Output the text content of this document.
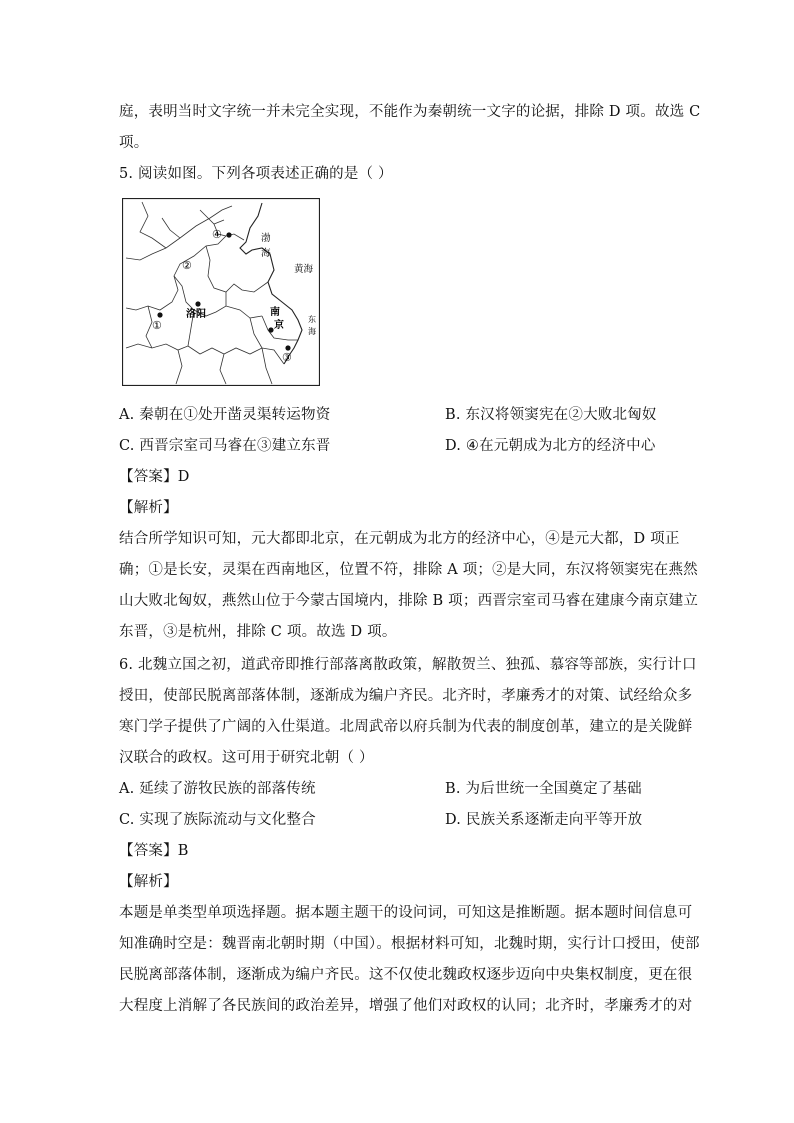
庭，表明当时文字统一并未完全实现，不能作为秦朝统一文字的论据，排除 D 项。故选 C
项。
5. 阅读如图。下列各项表述正确的是（ ）
④
②
①
③
渤
海
黄海
洛阳	南
京
东
海
A. 秦朝在①处开凿灵渠转运物资	B. 东汉将领窦宪在②大败北匈奴
C. 西晋宗室司马睿在③建立东晋	D. ④在元朝成为北方的经济中心
【答案】D
【解析】
结合所学知识可知，元大都即北京，在元朝成为北方的经济中心，④是元大都，D 项正
确；①是长安，灵渠在西南地区，位置不符，排除 A 项；②是大同，东汉将领窦宪在燕然
山大败北匈奴，燕然山位于今蒙古国境内，排除 B 项；西晋宗室司马睿在建康今南京建立
东晋，③是杭州，排除 C 项。故选 D 项。
6. 北魏立国之初，道武帝即推行部落离散政策，解散贺兰、独孤、慕容等部族，实行计口
授田，使部民脱离部落体制，逐渐成为编户齐民。北齐时，孝廉秀才的对策、试经给众多
寒门学子提供了广阔的入仕渠道。北周武帝以府兵制为代表的制度创革，建立的是关陇鲜
汉联合的政权。这可用于研究北朝（ ）
A. 延续了游牧民族的部落传统	B. 为后世统一全国奠定了基础
C. 实现了族际流动与文化整合	D. 民族关系逐渐走向平等开放
【答案】B
【解析】
本题是单类型单项选择题。据本题主题干的设问词，可知这是推断题。据本题时间信息可
知准确时空是：魏晋南北朝时期（中国）。根据材料可知，北魏时期，实行计口授田，使部
民脱离部落体制，逐渐成为编户齐民。这不仅使北魏政权逐步迈向中央集权制度，更在很
大程度上消解了各民族间的政治差异，增强了他们对政权的认同；北齐时，孝廉秀才的对
